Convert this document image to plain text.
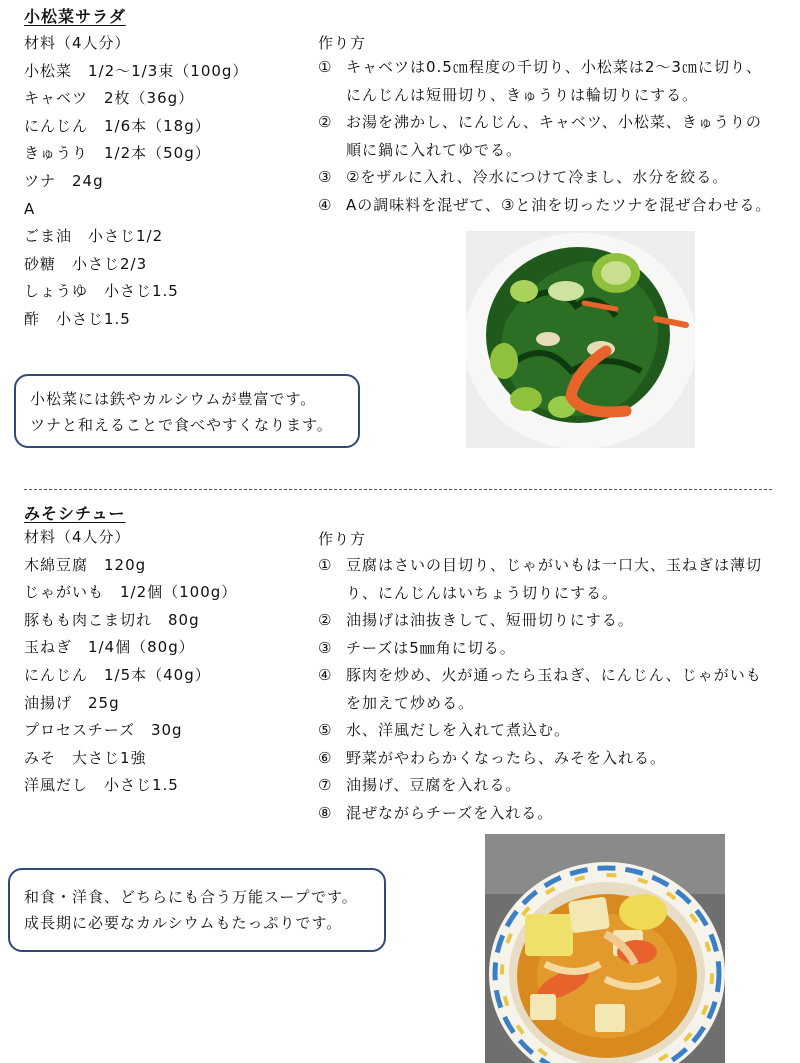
小松菜サラダ
材料（4人分）
小松菜　1/2～1/3束（100g）
キャベツ　2枚（36g）
にんじん　1/6本（18g）
きゅうり　1/2本（50g）
ツナ　24g
A
ごま油　小さじ1/2
砂糖　小さじ2/3
しょうゆ　小さじ1.5
酢　小さじ1.5
作り方
① キャベツは0.5㎝程度の千切り、小松菜は2～3㎝に切り、にんじんは短冊切り、きゅうりは輪切りにする。
② お湯を沸かし、にんじん、キャベツ、小松菜、きゅうりの順に鍋に入れてゆでる。
③ ②をザルに入れ、冷水につけて冷まし、水分を絞る。
④ Aの調味料を混ぜて、③と油を切ったツナを混ぜ合わせる。
小松菜には鉄やカルシウムが豊富です。
ツナと和えることで食べやすくなります。
みそシチュー
材料（4人分）
木綿豆腐　120g
じゃがいも　1/2個（100g）
豚もも肉こま切れ　80g
玉ねぎ　1/4個（80g）
にんじん　1/5本（40g）
油揚げ　25g
プロセスチーズ　30g
みそ　大さじ1強
洋風だし　小さじ1.5
作り方
① 豆腐はさいの目切り、じゃがいもは一口大、玉ねぎは薄切り、にんじんはいちょう切りにする。
② 油揚げは油抜きして、短冊切りにする。
③ チーズは5㎜角に切る。
④ 豚肉を炒め、火が通ったら玉ねぎ、にんじん、じゃがいもを加えて炒める。
⑤ 水、洋風だしを入れて煮込む。
⑥ 野菜がやわらかくなったら、みそを入れる。
⑦ 油揚げ、豆腐を入れる。
⑧ 混ぜながらチーズを入れる。
和食・洋食、どちらにも合う万能スープです。
成長期に必要なカルシウムもたっぷりです。
